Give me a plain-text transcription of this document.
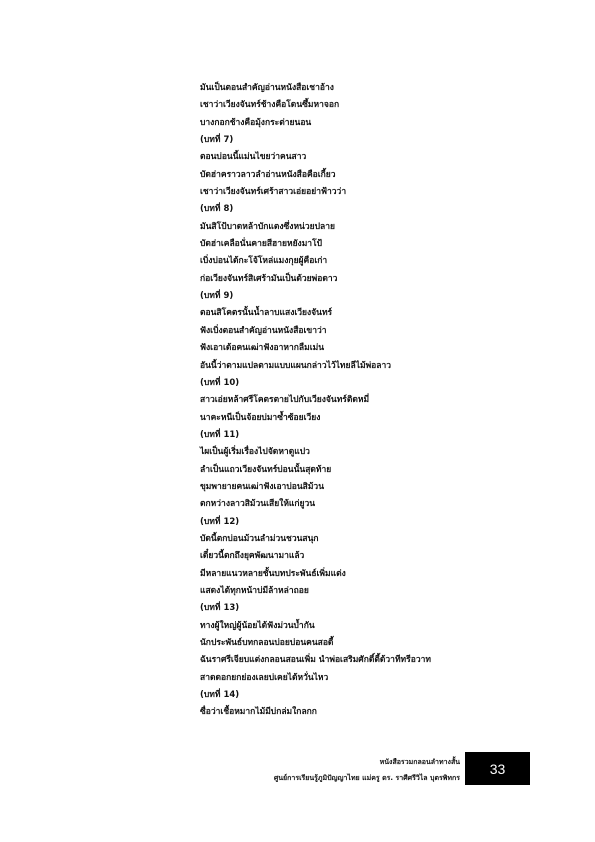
มันเป็นตอนสำคัญอ่านหนังสือเชาอ้าง
เชาว่าเวียงจันทร์ช้างคือโดนซึ้มหาจอก
บางกอกช้างคือมุ้งกระต่ายนอน
(บทที่ 7)
ตอนบ่อนนี้แม่นไขยว่าคนสาว
บัดฮ่าคราวลาวลำอ่านหนังสือคือเกี้ยว
เชาว่าเวียงจันทร์เศร้าสาวเอ่ยอย่าฟ้าวว่า
(บทที่ 8)
มันสิโป้บาดหล้าบักแตงซึ่งหน่วยปลาย
บัดฮ่าเคลือนั่นคายสีฮายหยังมาโป้
เบิ่งบ่อนได้กะโจ้โหล่แมงกุยผู้คือเก่า
ก่อเวียงจันทร์สิเศร้ามันเป็นด้วยพ่อดาว
(บทที่ 9)
ตอนสิโคตรนั้นน้ำลาบแสงเวียงจันทร์
ฟังเบิ่งตอนสำคัญอ่านหนังสือเขาว่า
ฟังเอาเด้อคนเฒ่าฟังอาหากลืมเม่น
อันนี้ว่าตามแปลตามแบบแผนกล่าวไว้ไทยลีไม้พ่อลาว
(บทที่ 10)
สาวเอ่ยหล้าศรีโคตรตายไปกับเวียงจันทร์ติดหมี่
นาคะหนีเป็นจ้อยบ่มาซ้ำซ้อยเวียง
(บทที่ 11)
ไผเป็นผู้เริ่มเรื่องไปจัดหาดูแปว
ลำเป็นแถวเวียงจันทร์บ่อนนั้นสุดท้าย
ขุมพายายคนเฒ่าฟังเอาบ่อนสิม้วน
ตกหว่างลาวสิม้วนเสียให้แก่ยูวน
(บทที่ 12)
บัดนี้ตกบ่อนม้วนลำม่วนชวนสนุก
เดี๋ยวนี้ตกถึงยุคพัฒนามาแล้ว
มีหลายแนวหลายชั้นบทประพันธ์เพิ่มแต่ง
แสดงได้ทุกหน้าบ่มีล้าหล่าถอย
(บทที่ 13)
ทางผู้ใหญ่ผู้น้อยได้ฟังม่วนบ้ำกัน
นักประพันธ์บทกลอนบ่อยบ่อนคนสอดี้
ฉันราศรีเจียบแต่งกลอนสอนเพิ่ม นำพ่อเสริมศักดิ์ตี้ด้วาทีทรีอวาท
สาดดอกยกย่องเลยบ่เคยได้หวั่นไหว
(บทที่ 14)
ซื่อว่าเชื้อหมากไม้มีบ่กล่มใกลกก
หนังสือรวมกลอนลำทางสั้น
ศูนย์การเรียนรู้ภูมิปัญญาไทย แม่ครู ดร. ราศีศรีวิไล บุตรพิทกร
33
